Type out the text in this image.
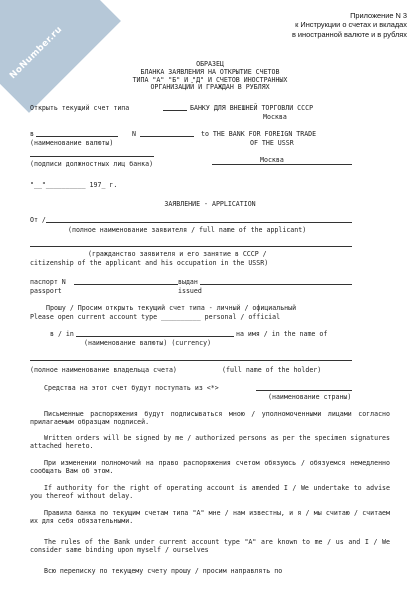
NoNumber.ru
Приложение N 3
к Инструкции о счетах и вкладах
в иностранной валюте и в рублях
ОБРАЗЕЦ
БЛАНКА ЗАЯВЛЕНИЯ НА ОТКРЫТИЕ СЧЕТОВ
ТИПА "А" "Б" И "Д" И СЧЕТОВ ИНОСТРАННЫХ
ОРГАНИЗАЦИЙ И ГРАЖДАН В РУБЛЯХ
Открыть текущий счет типа	БАНКУ ДЛЯ ВНЕШНЕЙ ТОРГОВЛИ СССР
Москва
в	N	to THE BANK FOR FOREIGN TRADE
OF THE USSR
(наименование валюты)
(подписи должностных лиц банка)	Москва
"__"__________ 197_ г.
ЗАЯВЛЕНИЕ - APPLICATION
От /
(полное наименование заявителя / full name of the applicant)
(гражданство заявителя и его занятие в СССР /
citizenship of the applicant and his occupation in the USSR)
паспорт N
passport
выдан
issued
Прошу / Просим открыть текущий счет типа - личный / официальный
Please open current account type __________ personal / official
в / in	на имя / in the name of
(наименование валюты) (currency)
(полное наименование владельца счета)	(full name of the holder)
Средства на этот счет будут поступать из <*>
(наименование страны)
Письменные распоряжения будут подписываться мною / уполномоченными лицами согласно прилагаемым образцам подписей.
Written orders will be signed by me / authorized persons as per the specimen signatures attached hereto.
При изменении полномочий на право распоряжения счетом обязуюсь / обязуемся немедленно сообщать Вам об этом.
If authority for the right of operating account is amended I / We undertake to advise you thereof without delay.
Правила банка по текущим счетам типа "А" мне / нам известны, и я / мы считаю / считаем их для себя обязательными.
The rules of the Bank under current account type "A" are known to me / us and I / We consider same binding upon myself / ourselves
Всю переписку по текущему счету прошу / просим направлять по
